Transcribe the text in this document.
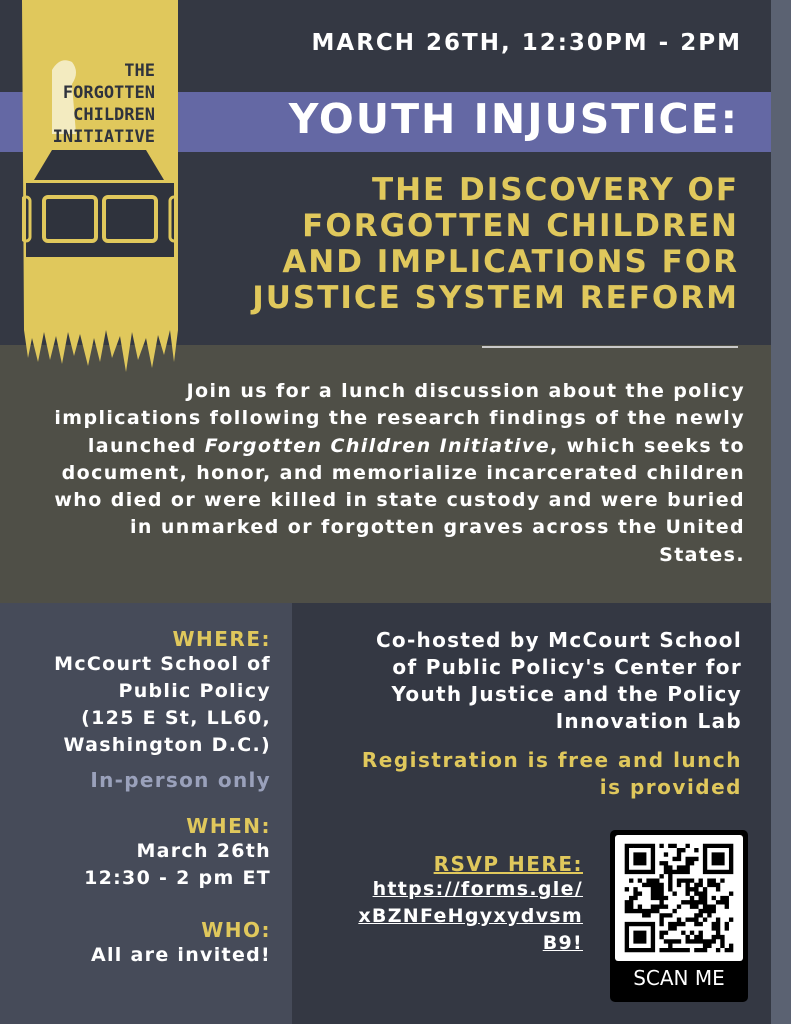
THE
FORGOTTEN
CHILDREN
INITIATIVE
MARCH 26TH, 12:30PM - 2PM
YOUTH INJUSTICE:
THE DISCOVERY OF
FORGOTTEN CHILDREN
AND IMPLICATIONS FOR
JUSTICE SYSTEM REFORM
Join us for a lunch discussion about the policy implications following the research findings of the newly launched Forgotten Children Initiative, which seeks to document, honor, and memorialize incarcerated children who died or were killed in state custody and were buried in unmarked or forgotten graves across the United States.
WHERE:
McCourt School of
Public Policy
(125 E St, LL60,
Washington D.C.)
In-person only
WHEN:
March 26th
12:30 - 2 pm ET
WHO:
All are invited!
Co-hosted by McCourt School
of Public Policy's Center for
Youth Justice and the Policy
Innovation Lab
Registration is free and lunch
is provided
RSVP HERE:
https://forms.gle/
xBZNFeHgyxydvsm
B9!
SCAN ME
